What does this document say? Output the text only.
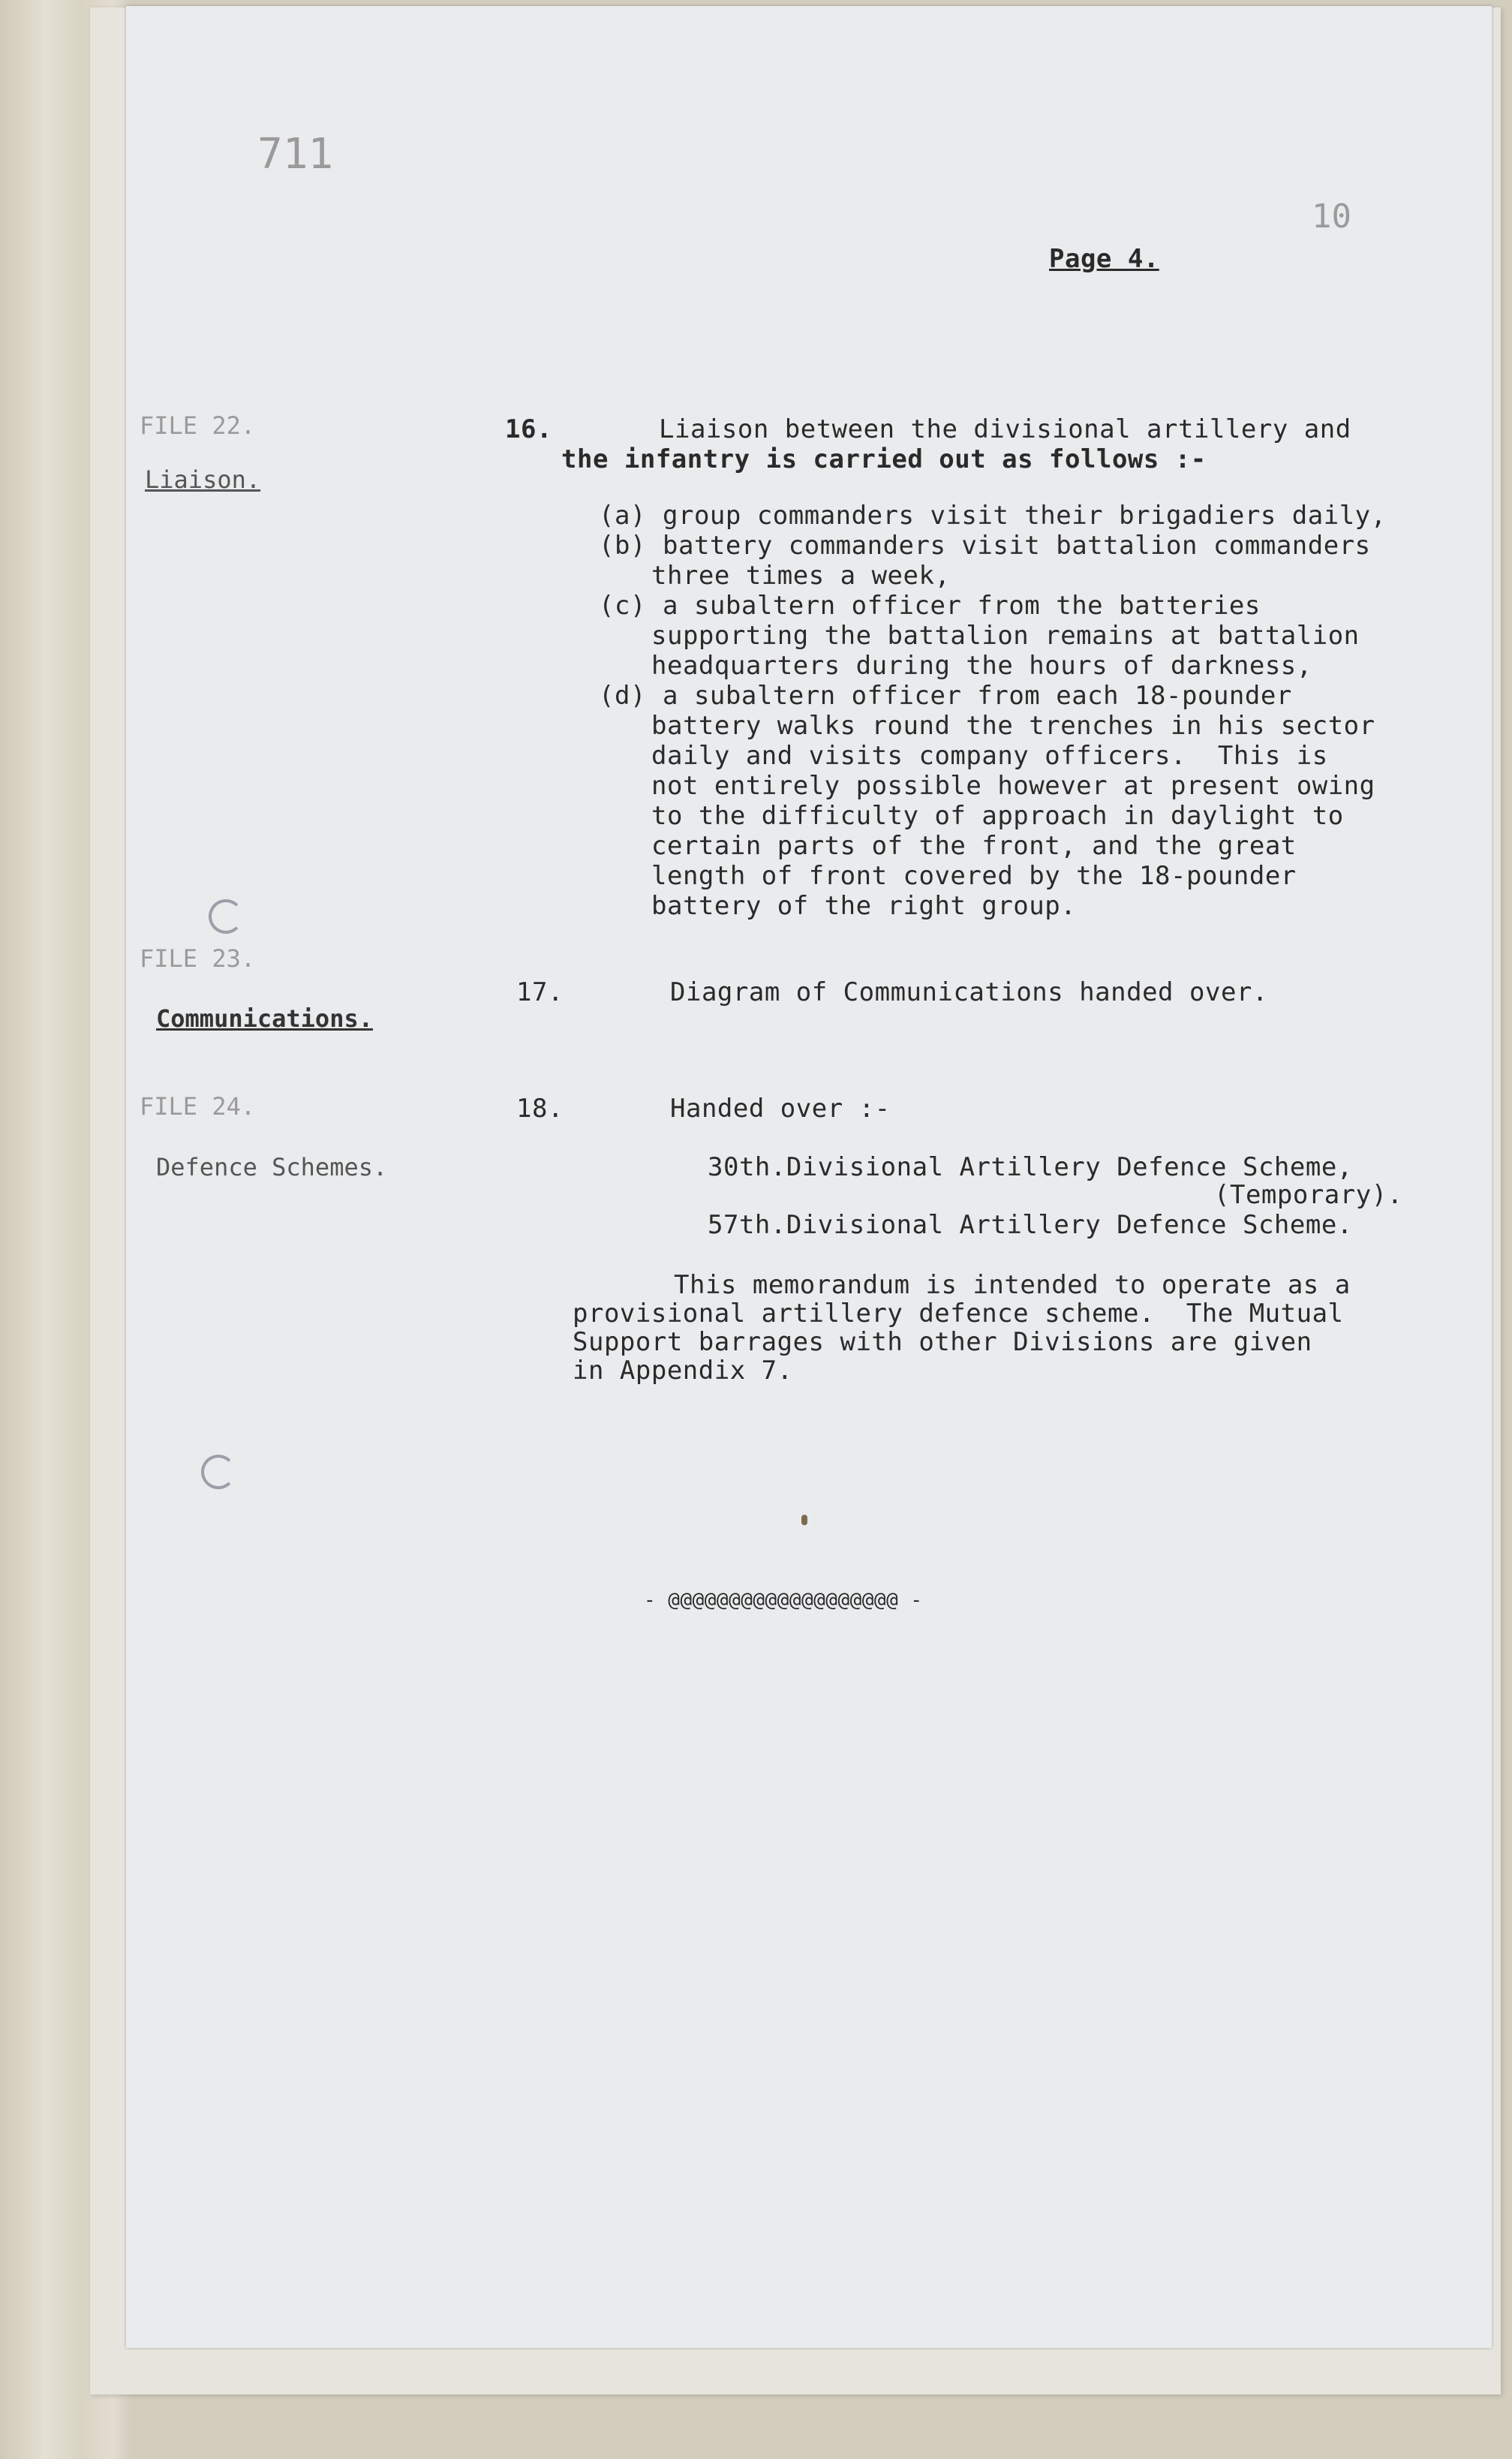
711
10
Page 4.
FILE 22.
Liaison.
FILE 23.
Communications.
FILE 24.
Defence Schemes.
16.	Liaison between the divisional artillery and
the infantry is carried out as follows :-
(a) group commanders visit their brigadiers daily,
(b) battery commanders visit battalion commanders
three times a week,
(c) a subaltern officer from the batteries
supporting the battalion remains at battalion
headquarters during the hours of darkness,
(d) a subaltern officer from each 18-pounder
battery walks round the trenches in his sector
daily and visits company officers.  This is
not entirely possible however at present owing
to the difficulty of approach in daylight to
certain parts of the front, and the great
length of front covered by the 18-pounder
battery of the right group.
17.	Diagram of Communications handed over.
18.	Handed over :-
30th.Divisional Artillery Defence Scheme,
(Temporary).
57th.Divisional Artillery Defence Scheme.
This memorandum is intended to operate as a
provisional artillery defence scheme.  The Mutual
Support barrages with other Divisions are given
in Appendix 7.
- @@@@@@@@@@@@@@@@@@@ -
